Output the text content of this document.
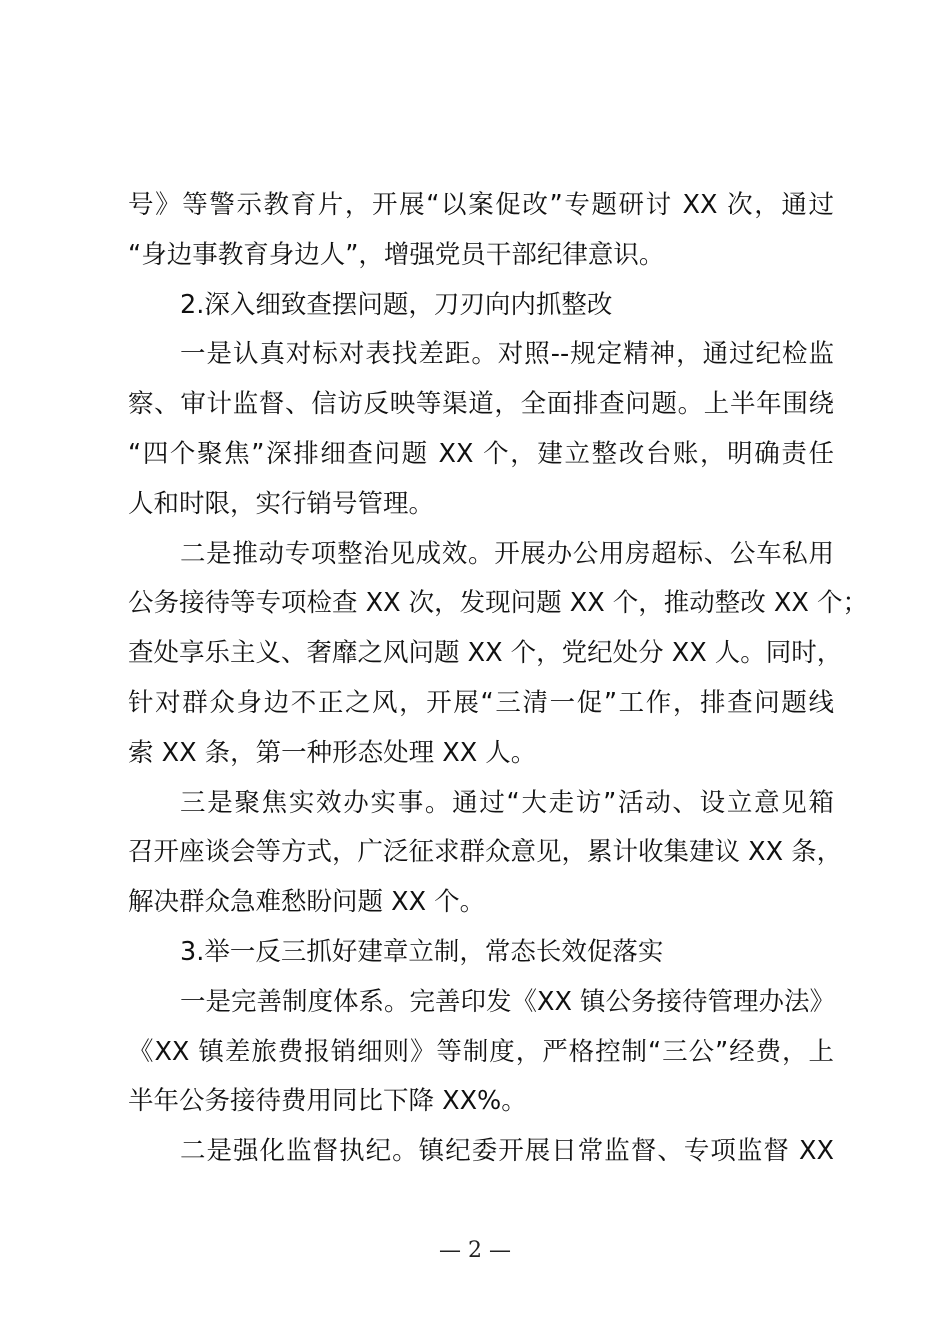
号》等警示教育片，开展“以案促改”专题研讨 XX 次，通过
“身边事教育身边人”，增强党员干部纪律意识。
2.深入细致查摆问题，刀刃向内抓整改
一是认真对标对表找差距。对照--规定精神，通过纪检监
察、审计监督、信访反映等渠道，全面排查问题。上半年围绕
“四个聚焦”深排细查问题 XX 个，建立整改台账，明确责任
人和时限，实行销号管理。
二是推动专项整治见成效。开展办公用房超标、公车私用
公务接待等专项检查 XX 次，发现问题 XX 个，推动整改 XX 个；
查处享乐主义、奢靡之风问题 XX 个，党纪处分 XX 人。同时，
针对群众身边不正之风，开展“三清一促”工作，排查问题线
索 XX 条，第一种形态处理 XX 人。
三是聚焦实效办实事。通过“大走访”活动、设立意见箱
召开座谈会等方式，广泛征求群众意见，累计收集建议 XX 条，
解决群众急难愁盼问题 XX 个。
3.举一反三抓好建章立制，常态长效促落实
一是完善制度体系。完善印发《XX 镇公务接待管理办法》
《XX 镇差旅费报销细则》等制度，严格控制“三公”经费，上
半年公务接待费用同比下降 XX%。
二是强化监督执纪。镇纪委开展日常监督、专项监督 XX
— 2 —
